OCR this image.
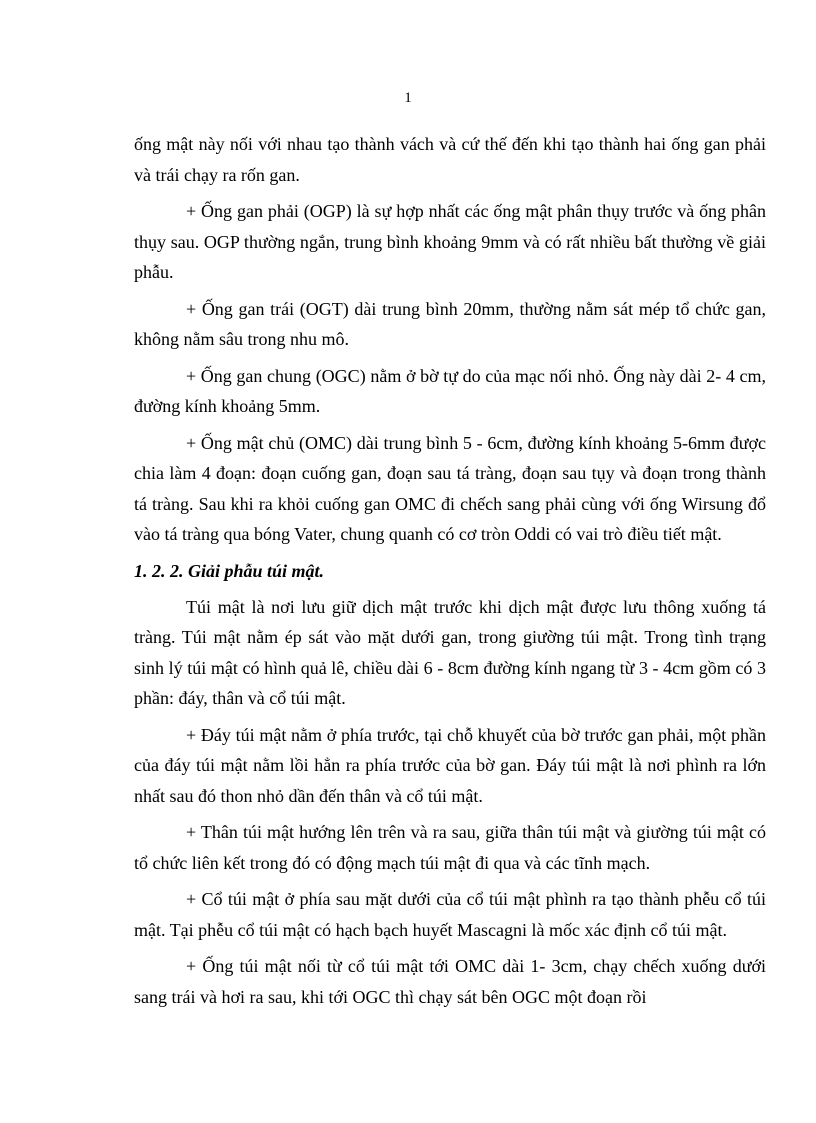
1

ống mật này nối với nhau tạo thành vách và cứ thế đến khi tạo thành hai ống gan phải và trái chạy ra rốn gan.

+ Ống gan phải (OGP) là sự hợp nhất các ống mật phân thụy trước và ống phân thụy sau. OGP thường ngắn, trung bình khoảng 9mm và có rất nhiều bất thường về giải phẫu.

+ Ống gan trái (OGT) dài trung bình 20mm, thường nằm sát mép tổ chức gan, không nằm sâu trong nhu mô.

+ Ống gan chung (OGC) nằm ở bờ tự do của mạc nối nhỏ. Ống này dài 2- 4 cm, đường kính khoảng 5mm.

+ Ống mật chủ (OMC) dài trung bình 5 - 6cm, đường kính khoảng 5-6mm được chia làm 4 đoạn: đoạn cuống gan, đoạn sau tá tràng, đoạn sau tụy và đoạn trong thành tá tràng. Sau khi ra khỏi cuống gan OMC đi chếch sang phải cùng với ống Wirsung đổ vào tá tràng qua bóng Vater, chung quanh có cơ tròn Oddi có vai trò điều tiết mật.

1. 2. 2. Giải phẫu túi mật.

Túi mật là nơi lưu giữ dịch mật trước khi dịch mật được lưu thông xuống tá tràng. Túi mật nằm ép sát vào mặt dưới gan, trong giường túi mật. Trong tình trạng sinh lý túi mật có hình quả lê, chiều dài 6 - 8cm đường kính ngang từ 3 - 4cm gồm có 3 phần: đáy, thân và cổ túi mật.

+ Đáy túi mật nằm ở phía trước, tại chỗ khuyết của bờ trước gan phải, một phần của đáy túi mật nằm lồi hẳn ra phía trước của bờ gan. Đáy túi mật là nơi phình ra lớn nhất sau đó thon nhỏ dần đến thân và cổ túi mật.

+ Thân túi mật hướng lên trên và ra sau, giữa thân túi mật và giường túi mật có tổ chức liên kết trong đó có động mạch túi mật đi qua và các tĩnh mạch.

+ Cổ túi mật ở phía sau mặt dưới của cổ túi mật phình ra tạo thành phễu cổ túi mật. Tại phễu cổ túi mật có hạch bạch huyết Mascagni là mốc xác định cổ túi mật.

+ Ống túi mật nối từ cổ túi mật tới OMC dài 1- 3cm, chạy chếch xuống dưới sang trái và hơi ra sau, khi tới OGC thì chạy sát bên OGC một đoạn rồi
